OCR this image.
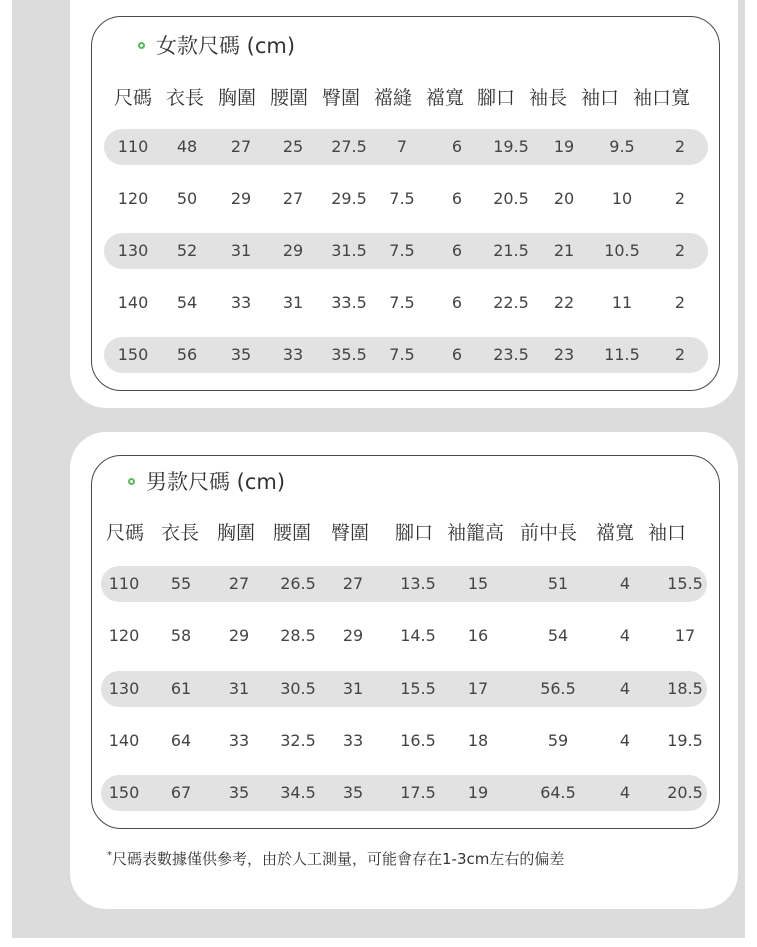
女款尺碼 (cm)
尺碼 衣長 胸圍 腰圍 臀圍 襠縫 襠寬 腳口 袖長 袖口 袖口寬
110 48 27 25 27.5 7	6 19.5 19 9.5	2
120 50 29 27 29.5 7.5 6 20.5 20 10	2
130 52 31 29 31.5 7.5 6 21.5 21 10.5 2
140 54 33 31 33.5 7.5 6 22.5 22 11	2
150 56 35 33 35.5 7.5 6 23.5 23 11.5 2
男款尺碼 (cm)
尺碼 衣長 胸圍 腰圍 臀圍 腳口 袖籠高 前中長 襠寬 袖口
110 55 27 26.5 27 13.5 15	51	4 15.5
120 58 29 28.5 29 14.5 16	54	4	17
130 61 31 30.5 31 15.5 17	56.5	4 18.5
140 64 33 32.5 33 16.5 18	59	4 19.5
150 67 35 34.5 35 17.5 19	64.5	4 20.5
*尺碼表數據僅供參考，由於人工測量，可能會存在1-3cm左右的偏差
